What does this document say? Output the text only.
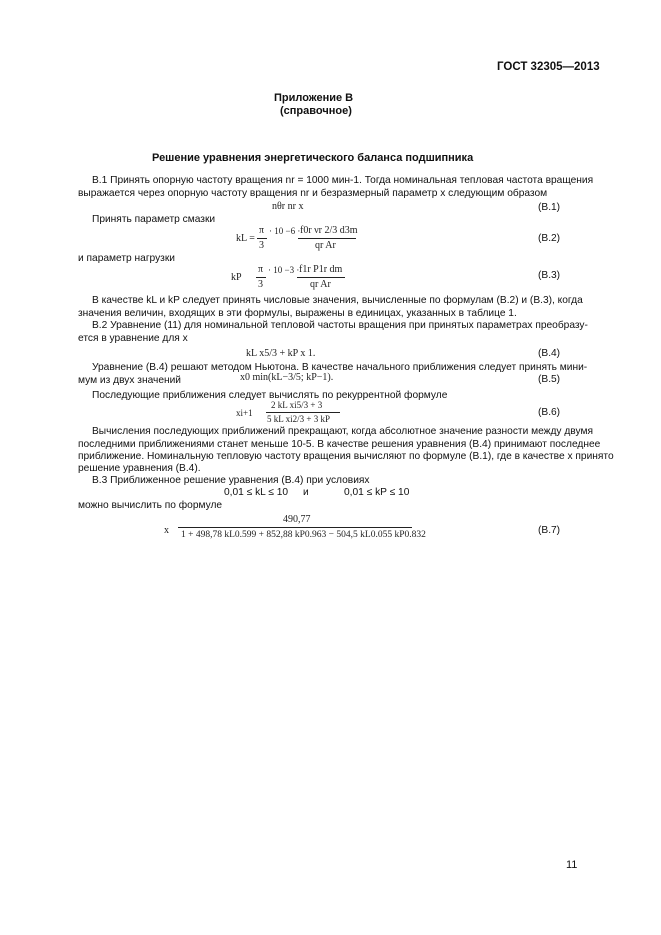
ГОСТ 32305—2013
Приложение В
(справочное)
Решение уравнения энергетического баланса подшипника
В.1 Принять опорную частоту вращения nr = 1000 мин-1. Тогда номинальная тепловая частота вращения
выражается через опорную частоту вращения nr и безразмерный параметр x следующим образом
nθr nr x	(В.1)
Принять параметр смазки
kL =
π
3
· 10 −6 · f0r νr 2/3 d3m
qr Ar
(В.2)
и параметр нагрузки
kP
π
3
· 10 −3 · f1r P1r dm
qr Ar
(В.3)
В качестве kL и kP следует принять числовые значения, вычисленные по формулам (В.2) и (В.3), когда
значения величин, входящих в эти формулы, выражены в единицах, указанных в таблице 1.
В.2 Уравнение (11) для номинальной тепловой частоты вращения при принятых параметрах преобразу-
ется в уравнение для x
kL x5/3 + kP x 1.	(В.4)
Уравнение (В.4) решают методом Ньютона. В качестве начального приближения следует принять мини-
мум из двух значений	x0 min(kL−3/5; kP−1).	(В.5)
Последующие приближения следует вычислять по рекуррентной формуле
xi+1
2 kL xi5/3 + 3
5 kL xi2/3 + 3 kP
(В.6)
Вычисления последующих приближений прекращают, когда абсолютное значение разности между двумя
последними приближениями станет меньше 10-5. В качестве решения уравнения (В.4) принимают последнее
приближение. Номинальную тепловую частоту вращения вычисляют по формуле (В.1), где в качестве x принято
решение уравнения (В.4).
В.3 Приближенное решение уравнения (В.4) при условиях
0,01 ≤ kL ≤ 10 и	0,01 ≤ kP ≤ 10
можно вычислить по формуле
x
490,77
1 + 498,78 kL0.599 + 852,88 kP0.963 − 504,5 kL0.055 kP0.832	(В.7)
11
